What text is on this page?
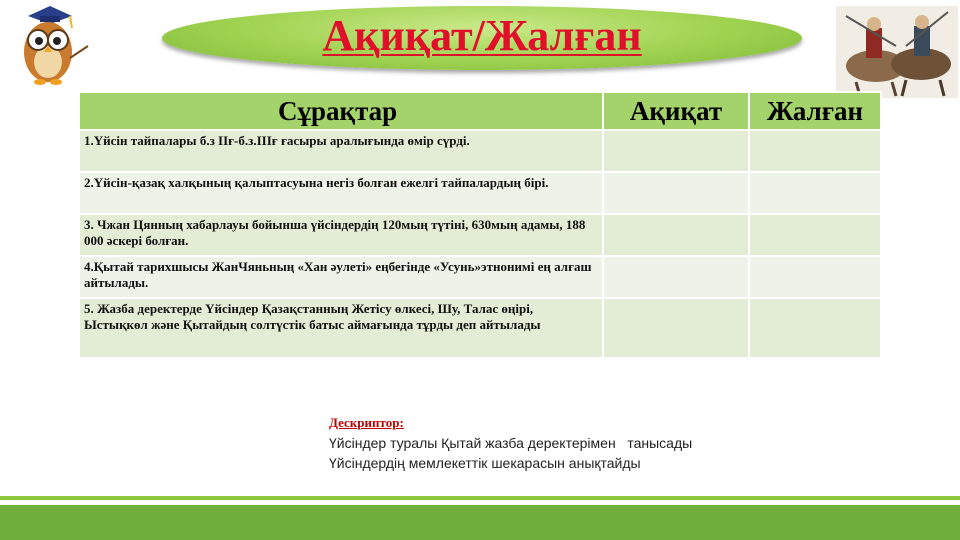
Ақиқат/Жалған
Сұрақтар	Ақиқат	Жалған
1.Үйсін тайпалары б.з IIғ-б.з.IIIғ ғасыры аралығында өмір сүрді.		
2.Үйсін-қазақ халқының қалыптасуына негіз болған ежелгі тайпалардың бірі.		
3. Чжан Цянның хабарлауы бойынша үйсіндердің 120мың түтіні, 630мың адамы, 188 000 әскері болған.		
4.Қытай тарихшысы ЖанЧяньның «Хан әулеті» еңбегінде «Усунь»этнонимі ең алғаш айтылады.		
5. Жазба деректерде Үйсіндер Қазақстанның Жетісу өлкесі, Шу, Талас өңірі, Ыстықкөл және Қытайдың солтүстік батыс аймағында тұрды деп айтылады		
Дескриптор:
Үйсіндер туралы Қытай жазба деректерімен   танысады
Үйсіндердің мемлекеттік шекарасын анықтайды
